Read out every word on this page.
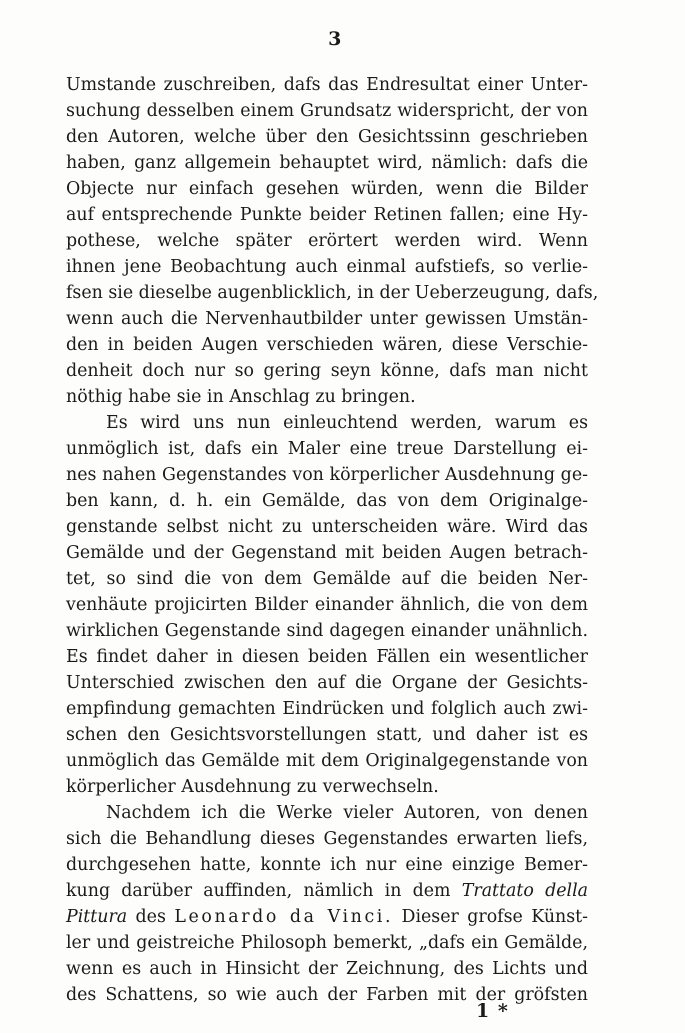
3
Umstande zuschreiben, dafs das Endresultat einer Unter-
suchung desselben einem Grundsatz widerspricht, der von
den Autoren, welche über den Gesichtssinn geschrieben
haben, ganz allgemein behauptet wird, nämlich: dafs die
Objecte nur einfach gesehen würden, wenn die Bilder
auf entsprechende Punkte beider Retinen fallen; eine Hy-
pothese, welche später erörtert werden wird. Wenn
ihnen jene Beobachtung auch einmal aufstiefs, so verlie-
fsen sie dieselbe augenblicklich, in der Ueberzeugung, dafs,
wenn auch die Nervenhautbilder unter gewissen Umstän-
den in beiden Augen verschieden wären, diese Verschie-
denheit doch nur so gering seyn könne, dafs man nicht
nöthig habe sie in Anschlag zu bringen.
Es wird uns nun einleuchtend werden, warum es
unmöglich ist, dafs ein Maler eine treue Darstellung ei-
nes nahen Gegenstandes von körperlicher Ausdehnung ge-
ben kann, d. h. ein Gemälde, das von dem Originalge-
genstande selbst nicht zu unterscheiden wäre. Wird das
Gemälde und der Gegenstand mit beiden Augen betrach-
tet, so sind die von dem Gemälde auf die beiden Ner-
venhäute projicirten Bilder einander ähnlich, die von dem
wirklichen Gegenstande sind dagegen einander unähnlich.
Es findet daher in diesen beiden Fällen ein wesentlicher
Unterschied zwischen den auf die Organe der Gesichts-
empfindung gemachten Eindrücken und folglich auch zwi-
schen den Gesichtsvorstellungen statt, und daher ist es
unmöglich das Gemälde mit dem Originalgegenstande von
körperlicher Ausdehnung zu verwechseln.
Nachdem ich die Werke vieler Autoren, von denen
sich die Behandlung dieses Gegenstandes erwarten liefs,
durchgesehen hatte, konnte ich nur eine einzige Bemer-
kung darüber auffinden, nämlich in dem Trattato della
Pittura des Leonardo da Vinci. Dieser grofse Künst-
ler und geistreiche Philosoph bemerkt, „dafs ein Gemälde,
wenn es auch in Hinsicht der Zeichnung, des Lichts und
des Schattens, so wie auch der Farben mit der gröfsten
1 *
